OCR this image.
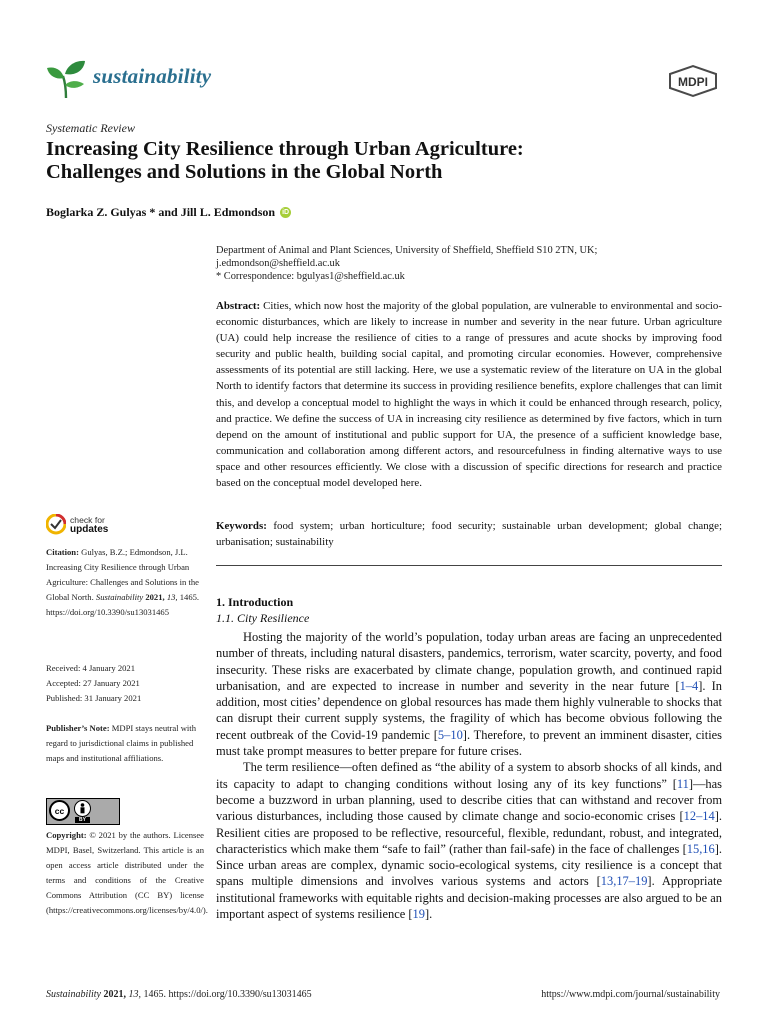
sustainability	MDPI
Systematic Review
Increasing City Resilience through Urban Agriculture:
Challenges and Solutions in the Global North
Boglarka Z. Gulyas * and Jill L. Edmondson iD
Department of Animal and Plant Sciences, University of Sheffield, Sheffield S10 2TN, UK;
j.edmondson@sheffield.ac.uk
* Correspondence: bgulyas1@sheffield.ac.uk
Abstract: Cities, which now host the majority of the global population, are vulnerable to environmental and socio-economic disturbances, which are likely to increase in number and severity in the near future. Urban agriculture (UA) could help increase the resilience of cities to a range of pressures and acute shocks by improving food security and public health, building social capital, and promoting circular economies. However, comprehensive assessments of its potential are still lacking. Here, we use a systematic review of the literature on UA in the global North to identify factors that determine its success in providing resilience benefits, explore challenges that can limit this, and develop a conceptual model to highlight the ways in which it could be enhanced through research, policy, and practice. We define the success of UA in increasing city resilience as determined by five factors, which in turn depend on the amount of institutional and public support for UA, the presence of a sufficient knowledge base, communication and collaboration among different actors, and resourcefulness in finding alternative ways to use space and other resources efficiently. We close with a discussion of specific directions for research and practice based on the conceptual model developed here.
Keywords: food system; urban horticulture; food security; sustainable urban development; global change; urbanisation; sustainability
check for
updates
Citation: Gulyas, B.Z.; Edmondson, J.L. Increasing City Resilience through Urban Agriculture: Challenges and Solutions in the Global North. Sustainability 2021, 13, 1465. https://doi.org/10.3390/su13031465
Received: 4 January 2021
Accepted: 27 January 2021
Published: 31 January 2021
Publisher’s Note: MDPI stays neutral with regard to jurisdictional claims in published maps and institutional affiliations.
cc
BY
Copyright: © 2021 by the authors. Licensee MDPI, Basel, Switzerland. This article is an open access article distributed under the terms and conditions of the Creative Commons Attribution (CC BY) license (https://creativecommons.org/licenses/by/4.0/).
1. Introduction
1.1. City Resilience

Hosting the majority of the world’s population, today urban areas are facing an unprecedented number of threats, including natural disasters, pandemics, terrorism, water scarcity, poverty, and food insecurity. These risks are exacerbated by climate change, population growth, and continued rapid urbanisation, and are expected to increase in number and severity in the near future [1–4]. In addition, most cities’ dependence on global resources has made them highly vulnerable to shocks that can disrupt their current supply systems, the fragility of which has become obvious following the recent outbreak of the Covid-19 pandemic [5–10]. Therefore, to prevent an imminent disaster, cities must take prompt measures to better prepare for future crises.

The term resilience—often defined as “the ability of a system to absorb shocks of all kinds, and its capacity to adapt to changing conditions without losing any of its key functions” [11]—has become a buzzword in urban planning, used to describe cities that can withstand and recover from various disturbances, including those caused by climate change and socio-economic crises [12–14]. Resilient cities are proposed to be reflective, resourceful, flexible, redundant, robust, and integrated, characteristics which make them “safe to fail” (rather than fail-safe) in the face of challenges [15,16]. Since urban areas are complex, dynamic socio-ecological systems, city resilience is a concept that spans multiple dimensions and involves various systems and actors [13,17–19]. Appropriate institutional frameworks with equitable rights and decision-making processes are also argued to be an important aspect of systems resilience [19].

Sustainability 2021, 13, 1465. https://doi.org/10.3390/su13031465	https://www.mdpi.com/journal/sustainability
